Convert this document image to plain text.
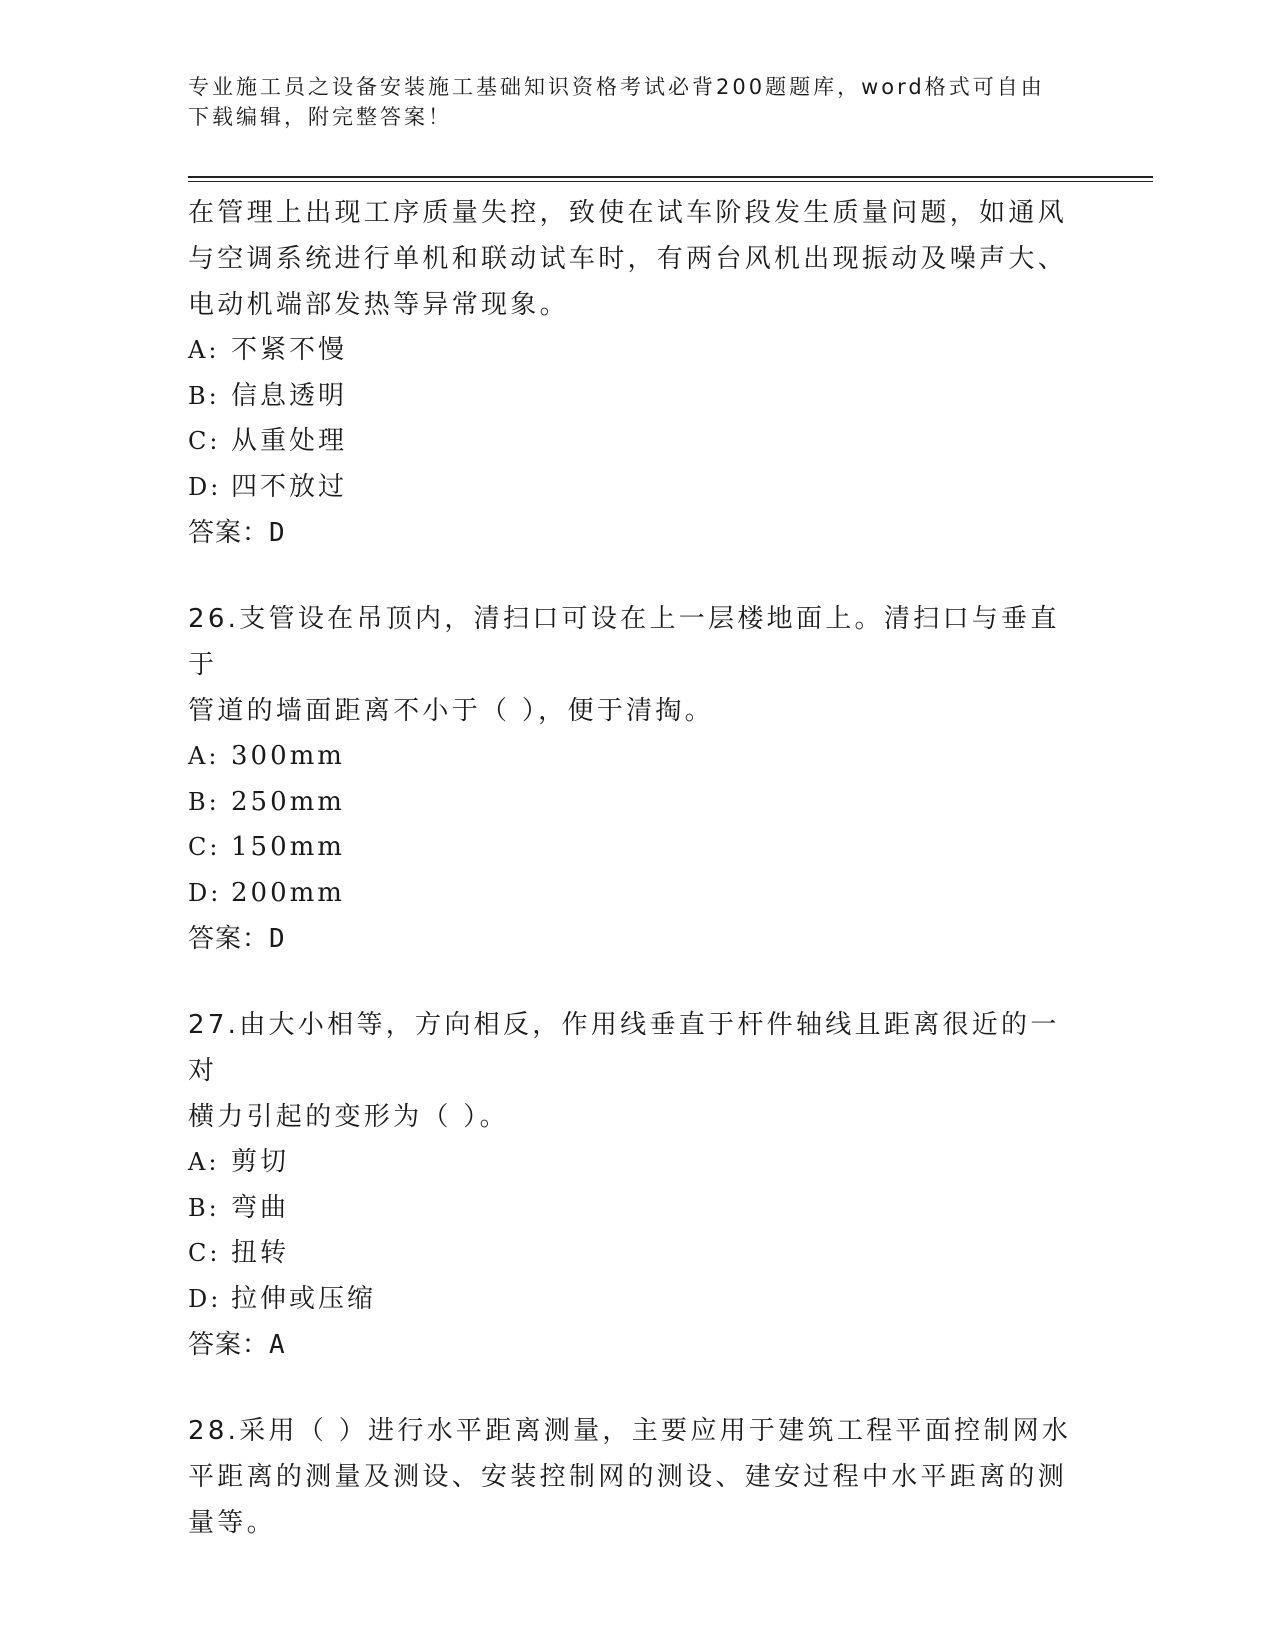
专业施工员之设备安装施工基础知识资格考试必背200题题库，word格式可自由
下载编辑，附完整答案！

在管理上出现工序质量失控，致使在试车阶段发生质量问题，如通风

与空调系统进行单机和联动试车时，有两台风机出现振动及噪声大、

电动机端部发热等异常现象。

A: 不紧不慢
B: 信息透明
C: 从重处理
D: 四不放过

答案：D

26.支管设在吊顶内，清扫口可设在上一层楼地面上。清扫口与垂直于

管道的墙面距离不小于（ ），便于清掏。

A: 300mm
B: 250mm
C: 150mm
D: 200mm

答案：D

27.由大小相等，方向相反，作用线垂直于杆件轴线且距离很近的一对

横力引起的变形为（ ）。

A: 剪切
B: 弯曲
C: 扭转
D: 拉伸或压缩

答案：A

28.采用（ ）进行水平距离测量，主要应用于建筑工程平面控制网水

平距离的测量及测设、安装控制网的测设、建安过程中水平距离的测

量等。
